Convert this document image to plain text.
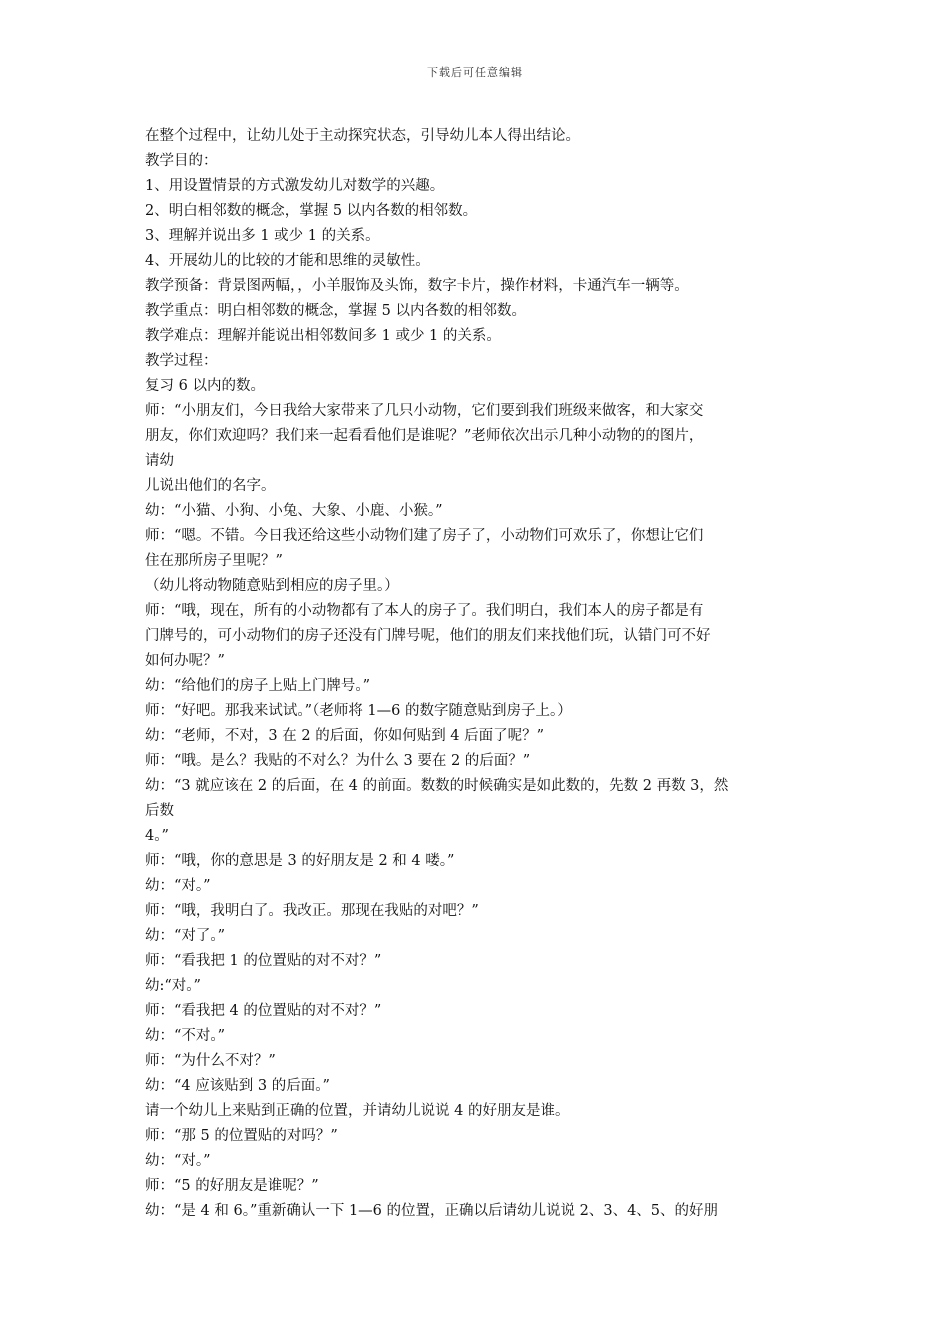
下载后可任意编辑
在整个过程中，让幼儿处于主动探究状态，引导幼儿本人得出结论。
教学目的：
1、用设置情景的方式激发幼儿对数学的兴趣。
2、明白相邻数的概念，掌握 5 以内各数的相邻数。
3、理解并说出多 1 或少 1 的关系。
4、开展幼儿的比较的才能和思维的灵敏性。
教学预备：背景图两幅，，小羊服饰及头饰，数字卡片，操作材料，卡通汽车一辆等。
教学重点：明白相邻数的概念，掌握 5 以内各数的相邻数。
教学难点：理解并能说出相邻数间多 1 或少 1 的关系。
教学过程：
复习 6 以内的数。
师：“小朋友们，今日我给大家带来了几只小动物，它们要到我们班级来做客，和大家交
朋友，你们欢迎吗？我们来一起看看他们是谁呢？”老师依次出示几种小动物的的图片，
请幼
儿说出他们的名字。
幼：“小猫、小狗、小兔、大象、小鹿、小猴。”
师：“嗯。不错。今日我还给这些小动物们建了房子了，小动物们可欢乐了，你想让它们
住在那所房子里呢？”
（幼儿将动物随意贴到相应的房子里。）
师：“哦，现在，所有的小动物都有了本人的房子了。我们明白，我们本人的房子都是有
门牌号的，可小动物们的房子还没有门牌号呢，他们的朋友们来找他们玩，认错门可不好
如何办呢？”
幼：“给他们的房子上贴上门牌号。”
师：“好吧。那我来试试。”（老师将 1—6 的数字随意贴到房子上。）
幼：“老师，不对，3 在 2 的后面，你如何贴到 4 后面了呢？”
师：“哦。是么？我贴的不对么？为什么 3 要在 2 的后面？”
幼：“3 就应该在 2 的后面，在 4 的前面。数数的时候确实是如此数的，先数 2 再数 3，然
后数
4。”
师：“哦，你的意思是 3 的好朋友是 2 和 4 喽。”
幼：“对。”
师：“哦，我明白了。我改正。那现在我贴的对吧？”
幼：“对了。”
师：“看我把 1 的位置贴的对不对？”
幼:“对。”
师：“看我把 4 的位置贴的对不对？”
幼：“不对。”
师：“为什么不对？”
幼：“4 应该贴到 3 的后面。”
请一个幼儿上来贴到正确的位置，并请幼儿说说 4 的好朋友是谁。
师：“那 5 的位置贴的对吗？”
幼：“对。”
师：“5 的好朋友是谁呢？”
幼：“是 4 和 6。”重新确认一下 1—6 的位置，正确以后请幼儿说说 2、3、4、5、的好朋
